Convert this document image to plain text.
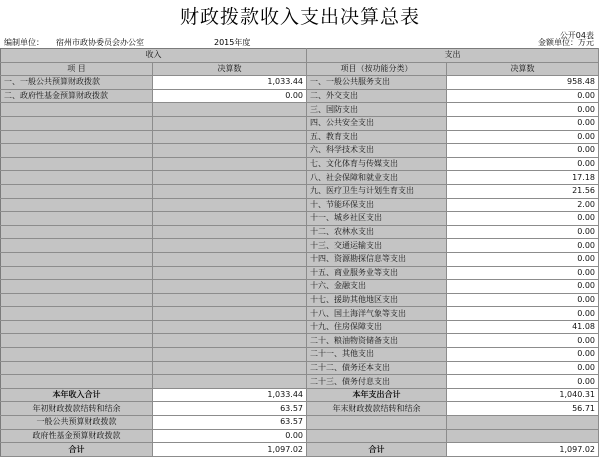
财政拨款收入支出决算总表
公开04表
编制单位： 宿州市政协委员会办公室	2015年度	金额单位：万元
收入		支出	
项 目	决算数	项目（按功能分类）	决算数
一、一般公共预算财政拨款	1,033.44	一、一般公共服务支出	958.48
二、政府性基金预算财政拨款	0.00	二、外交支出	0.00
		三、国防支出	0.00
		四、公共安全支出	0.00
		五、教育支出	0.00
		六、科学技术支出	0.00
		七、文化体育与传媒支出	0.00
		八、社会保障和就业支出	17.18
		九、医疗卫生与计划生育支出	21.56
		十、节能环保支出	2.00
		十一、城乡社区支出	0.00
		十二、农林水支出	0.00
		十三、交通运输支出	0.00
		十四、资源勘探信息等支出	0.00
		十五、商业服务业等支出	0.00
		十六、金融支出	0.00
		十七、援助其他地区支出	0.00
		十八、国土海洋气象等支出	0.00
		十九、住房保障支出	41.08
		二十、粮油物资储备支出	0.00
		二十一、其他支出	0.00
		二十二、债务还本支出	0.00
		二十三、债务付息支出	0.00
本年收入合计	1,033.44	本年支出合计	1,040.31
年初财政拨款结转和结余	63.57	年末财政拨款结转和结余	56.71
一般公共预算财政拨款	63.57		
政府性基金预算财政拨款	0.00		
合计	1,097.02	合计	1,097.02
